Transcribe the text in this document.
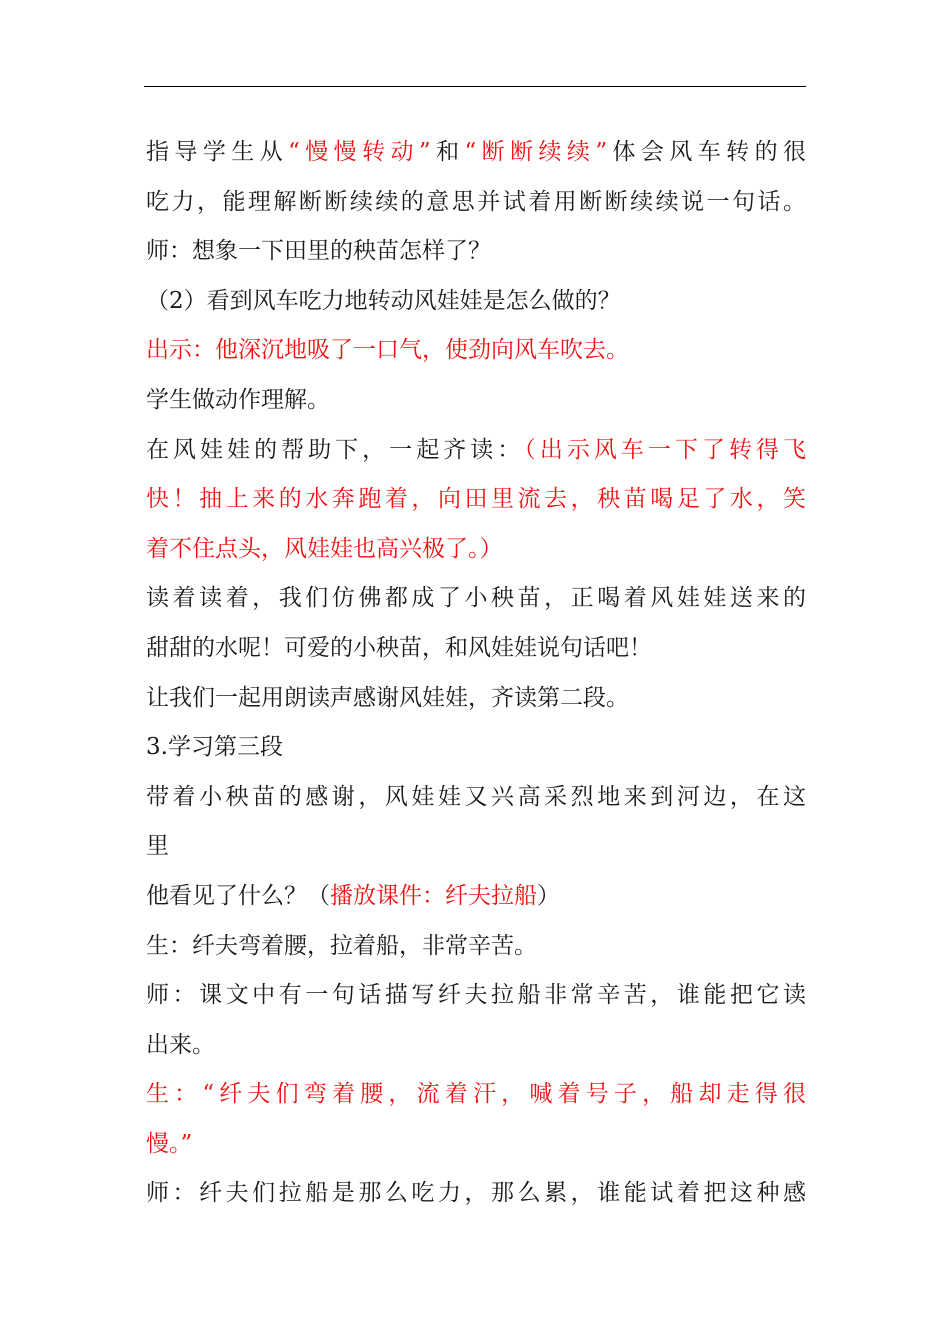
指导学生从“慢慢转动”和“断断续续”体会风车转的很
吃力，能理解断断续续的意思并试着用断断续续说一句话。
师：想象一下田里的秧苗怎样了？
（2）看到风车吃力地转动风娃娃是怎么做的？
出示：他深沉地吸了一口气，使劲向风车吹去。
学生做动作理解。
在风娃娃的帮助下，一起齐读：（出示风车一下了转得飞
快！抽上来的水奔跑着，向田里流去，秧苗喝足了水，笑
着不住点头，风娃娃也高兴极了。）
读着读着，我们仿佛都成了小秧苗，正喝着风娃娃送来的
甜甜的水呢！可爱的小秧苗，和风娃娃说句话吧！
让我们一起用朗读声感谢风娃娃，齐读第二段。
3.学习第三段
带着小秧苗的感谢，风娃娃又兴高采烈地来到河边，在这
里
他看见了什么？（播放课件：纤夫拉船）
生：纤夫弯着腰，拉着船，非常辛苦。
师：课文中有一句话描写纤夫拉船非常辛苦，谁能把它读
出来。
生：“纤夫们弯着腰，流着汗，喊着号子，船却走得很
慢。”
师：纤夫们拉船是那么吃力，那么累，谁能试着把这种感
